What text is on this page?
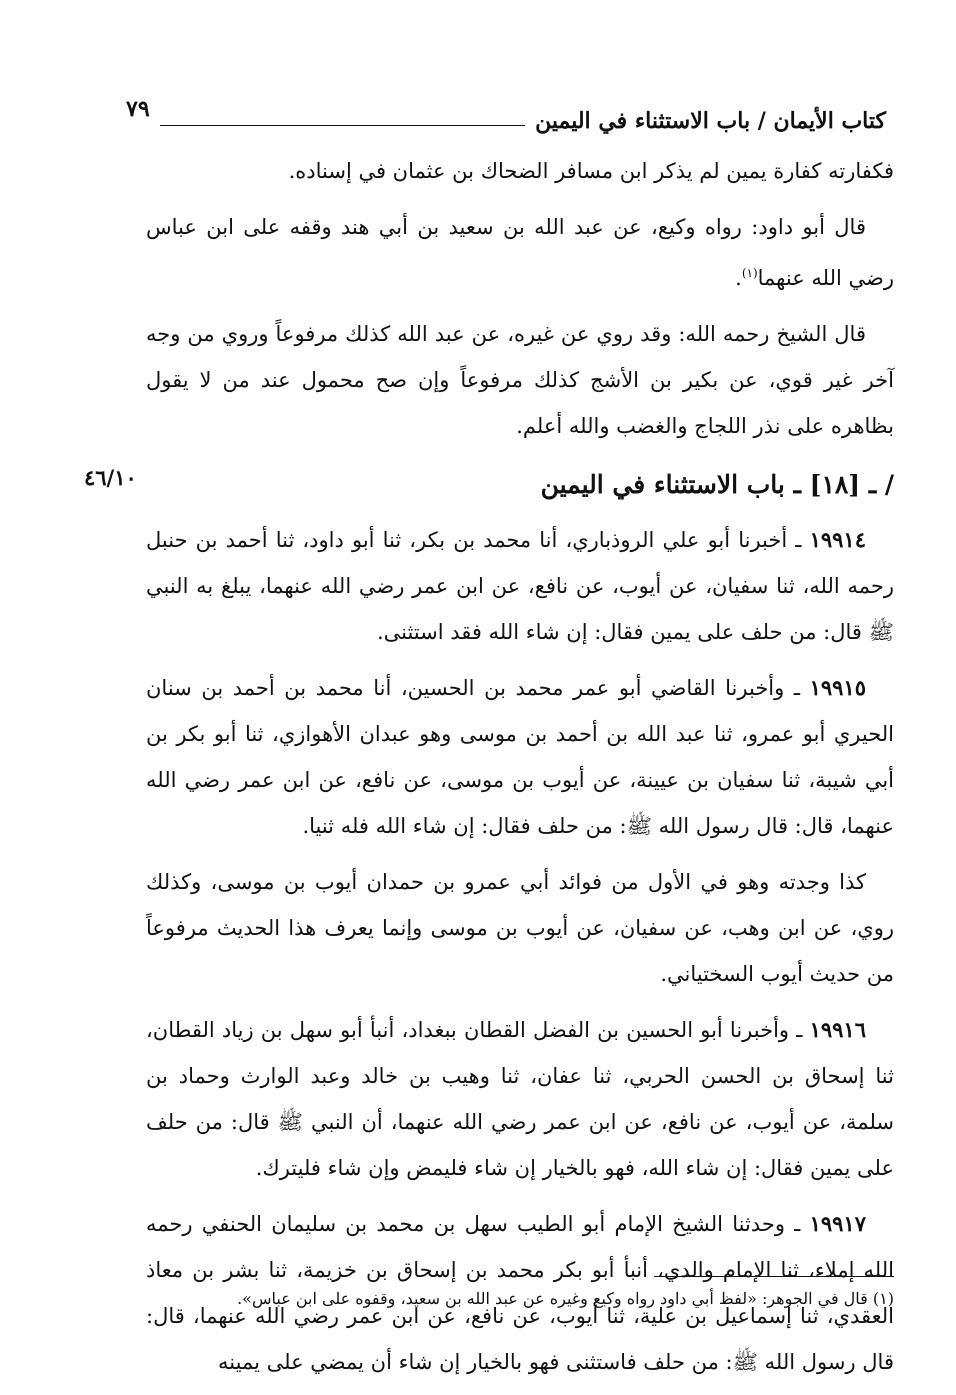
كتاب الأيمان / باب الاستثناء في اليمين
٧٩

فكفارته كفارة يمين لم يذكر ابن مسافر الضحاك بن عثمان في إسناده.

قال أبو داود: رواه وكيع، عن عبد الله بن سعيد بن أبي هند وقفه على ابن عباس رضي الله عنهما$^{(١)}$.

قال الشيخ رحمه الله: وقد روي عن غيره، عن عبد الله كذلك مرفوعاً وروي من وجه آخر غير قوي، عن بكير بن الأشج كذلك مرفوعاً وإن صح محمول عند من لا يقول بظاهره على نذر اللجاج والغضب والله أعلم.

/ ـ [١٨] ـ باب الاستثناء في اليمين
٤٦/١٠

١٩٩١٤ ـ أخبرنا أبو علي الروذباري، أنا محمد بن بكر، ثنا أبو داود، ثنا أحمد بن حنبل رحمه الله، ثنا سفيان، عن أيوب، عن نافع، عن ابن عمر رضي الله عنهما، يبلغ به النبي ﷺ قال: من حلف على يمين فقال: إن شاء الله فقد استثنى.

١٩٩١٥ ـ وأخبرنا القاضي أبو عمر محمد بن الحسين، أنا محمد بن أحمد بن سنان الحيري أبو عمرو، ثنا عبد الله بن أحمد بن موسى وهو عبدان الأهوازي، ثنا أبو بكر بن أبي شيبة، ثنا سفيان بن عيينة، عن أيوب بن موسى، عن نافع، عن ابن عمر رضي الله عنهما، قال: قال رسول الله ﷺ: من حلف فقال: إن شاء الله فله ثنيا.

كذا وجدته وهو في الأول من فوائد أبي عمرو بن حمدان أيوب بن موسى، وكذلك روي، عن ابن وهب، عن سفيان، عن أيوب بن موسى وإنما يعرف هذا الحديث مرفوعاً من حديث أيوب السختياني.

١٩٩١٦ ـ وأخبرنا أبو الحسين بن الفضل القطان ببغداد، أنبأ أبو سهل بن زياد القطان، ثنا إسحاق بن الحسن الحربي، ثنا عفان، ثنا وهيب بن خالد وعبد الوارث وحماد بن سلمة، عن أيوب، عن نافع، عن ابن عمر رضي الله عنهما، أن النبي ﷺ قال: من حلف على يمين فقال: إن شاء الله، فهو بالخيار إن شاء فليمض وإن شاء فليترك.

١٩٩١٧ ـ وحدثنا الشيخ الإمام أبو الطيب سهل بن محمد بن سليمان الحنفي رحمه الله إملاء، ثنا الإمام والدي، أنبأ أبو بكر محمد بن إسحاق بن خزيمة، ثنا بشر بن معاذ العقدي، ثنا إسماعيل بن علية، ثنا أيوب، عن نافع، عن ابن عمر رضي الله عنهما، قال: قال رسول الله ﷺ: من حلف فاستثنى فهو بالخيار إن شاء أن يمضي على يمينه

(١) قال في الجوهر: «لفظ أبي داود رواه وكيع وغيره عن عبد الله بن سعيد، وقفوه على ابن عباس».
